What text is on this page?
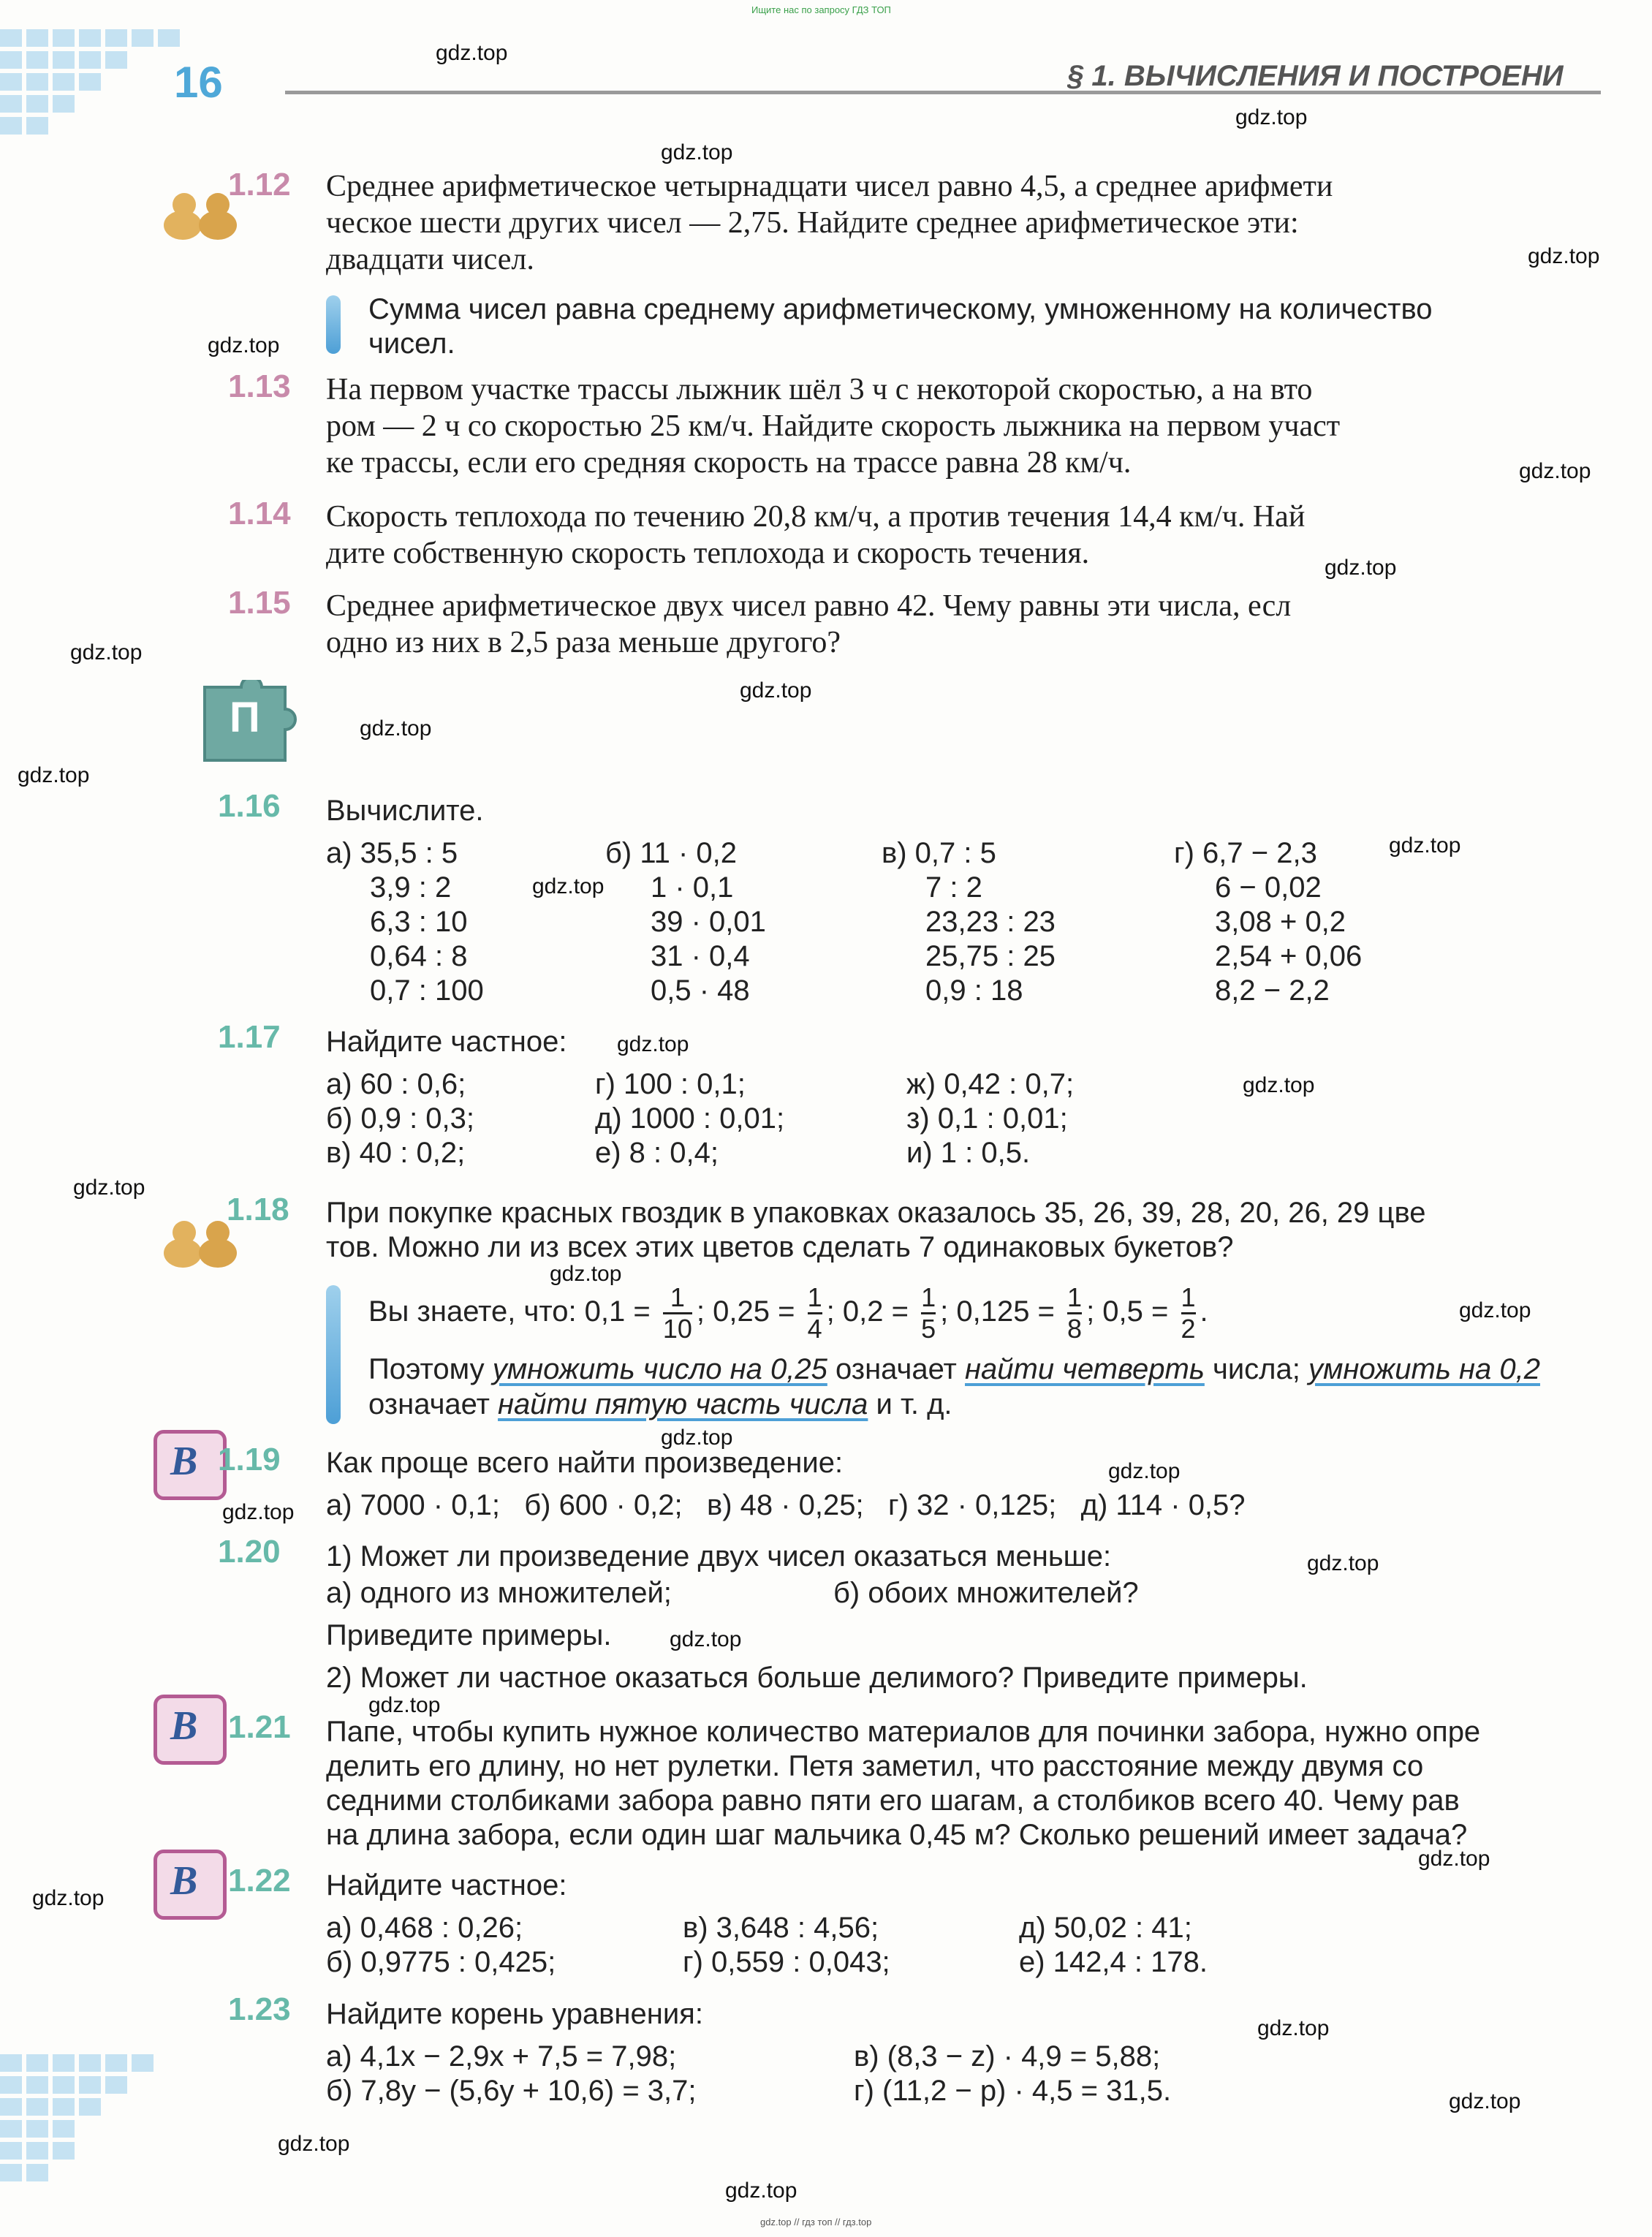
Ищите нас по запросу ГДЗ ТОП
16	§ 1. ВЫЧИСЛЕНИЯ И ПОСТРОЕНИ
1.12 Среднее арифметическое четырнадцати чисел равно 4,5, а среднее арифмети
ческое шести других чисел — 2,75. Найдите среднее арифметическое эти:
двадцати чисел.
Сумма чисел равна среднему арифметическому, умноженному на количество
чисел.
1.13 На первом участке трассы лыжник шёл 3 ч с некоторой скоростью, а на вто
ром — 2 ч со скоростью 25 км/ч. Найдите скорость лыжника на первом участ
ке трассы, если его средняя скорость на трассе равна 28 км/ч.
1.14 Скорость теплохода по течению 20,8 км/ч, а против течения 14,4 км/ч. Най
дите собственную скорость теплохода и скорость течения.
1.15 Среднее арифметическое двух чисел равно 42. Чему равны эти числа, есл
одно из них в 2,5 раза меньше другого?
П
1.16 Вычислите.
а) 35,5 : 5
3,9 : 2
6,3 : 10
0,64 : 8
0,7 : 100
б) 11 · 0,2
1 · 0,1
39 · 0,01
31 · 0,4
0,5 · 48
в) 0,7 : 5
7 : 2
23,23 : 23
25,75 : 25
0,9 : 18
г) 6,7 − 2,3
6 − 0,02
3,08 + 0,2
2,54 + 0,06
8,2 − 2,2
1.17 Найдите частное:
а) 60 : 0,6;
б) 0,9 : 0,3;
в) 40 : 0,2;
г) 100 : 0,1;
д) 1000 : 0,01;
е) 8 : 0,4;
ж) 0,42 : 0,7;
з) 0,1 : 0,01;
и) 1 : 0,5.
1.18 При покупке красных гвоздик в упаковках оказалось 35, 26, 39, 28, 20, 26, 29 цве
тов. Можно ли из всех этих цветов сделать 7 одинаковых букетов?
Вы знаете, что: $0,1 = \frac{1}{10}$ ; $0,25 = \frac{1}{4}$ ; $0,2 = \frac{1}{5}$ ; $0,125 = \frac{1}{8}$ ; $0,5 = \frac{1}{2}$ .
Поэтому умножить число на 0,25 означает найти четверть числа; умножить на 0,2
означает найти пятую часть числа и т. д.
В 1.19 Как проще всего найти произведение:
а) 7000 · 0,1;   б) 600 · 0,2;   в) 48 · 0,25;   г) 32 · 0,125;   д) 114 · 0,5?
1.20 1) Может ли произведение двух чисел оказаться меньше:
а) одного из множителей;	б) обоих множителей?
Приведите примеры.
2) Может ли частное оказаться больше делимого? Приведите примеры.
В 1.21 Папе, чтобы купить нужное количество материалов для починки забора, нужно опре
делить его длину, но нет рулетки. Петя заметил, что расстояние между двумя со
седними столбиками забора равно пяти его шагам, а столбиков всего 40. Чему рав
на длина забора, если один шаг мальчика 0,45 м? Сколько решений имеет задача?
В 1.22 Найдите частное:
а) 0,468 : 0,26;
б) 0,9775 : 0,425;
в) 3,648 : 4,56;
г) 0,559 : 0,043;
д) 50,02 : 41;
е) 142,4 : 178.
1.23 Найдите корень уравнения:
а) 4,1x − 2,9x + 7,5 = 7,98;
б) 7,8y − (5,6y + 10,6) = 3,7;
в) (8,3 − z) · 4,9 = 5,88;
г) (11,2 − p) · 4,5 = 31,5.
gdz.top
gdz.top
gdz.top
gdz.top
gdz.top
gdz.top
gdz.top
gdz.top
gdz.top
gdz.top
gdz.top
gdz.top
gdz.top
gdz.top
gdz.top
gdz.top
gdz.top
gdz.top
gdz.top
gdz.top
gdz.top
gdz.top
gdz.top
gdz.top
gdz.top
gdz.top
gdz.top
gdz.top
gdz.top
gdz.top
gdz.top // гдз топ // гдз.top
